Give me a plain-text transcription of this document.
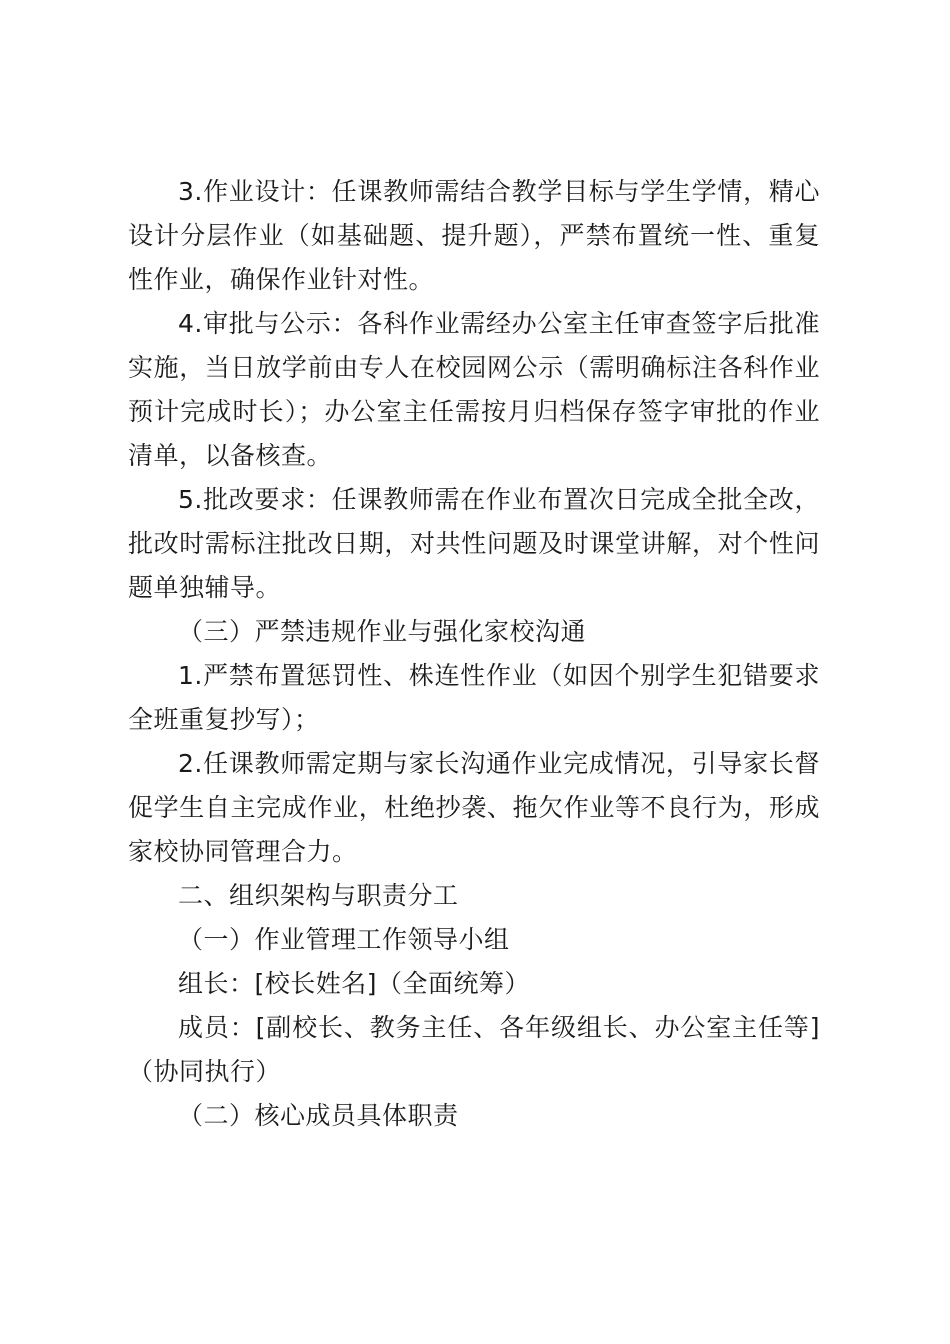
3.作业设计：任课教师需结合教学目标与学生学情，精心设计分层作业（如基础题、提升题），严禁布置统一性、重复性作业，确保作业针对性。

4.审批与公示：各科作业需经办公室主任审查签字后批准实施，当日放学前由专人在校园网公示（需明确标注各科作业预计完成时长）；办公室主任需按月归档保存签字审批的作业清单，以备核查。

5.批改要求：任课教师需在作业布置次日完成全批全改，批改时需标注批改日期，对共性问题及时课堂讲解，对个性问题单独辅导。

（三）严禁违规作业与强化家校沟通

1.严禁布置惩罚性、株连性作业（如因个别学生犯错要求全班重复抄写）；

2.任课教师需定期与家长沟通作业完成情况，引导家长督促学生自主完成作业，杜绝抄袭、拖欠作业等不良行为，形成家校协同管理合力。

二、组织架构与职责分工

（一）作业管理工作领导小组

组长：[校长姓名]（全面统筹）

成员：[副校长、教务主任、各年级组长、办公室主任等]（协同执行）

（二）核心成员具体职责
